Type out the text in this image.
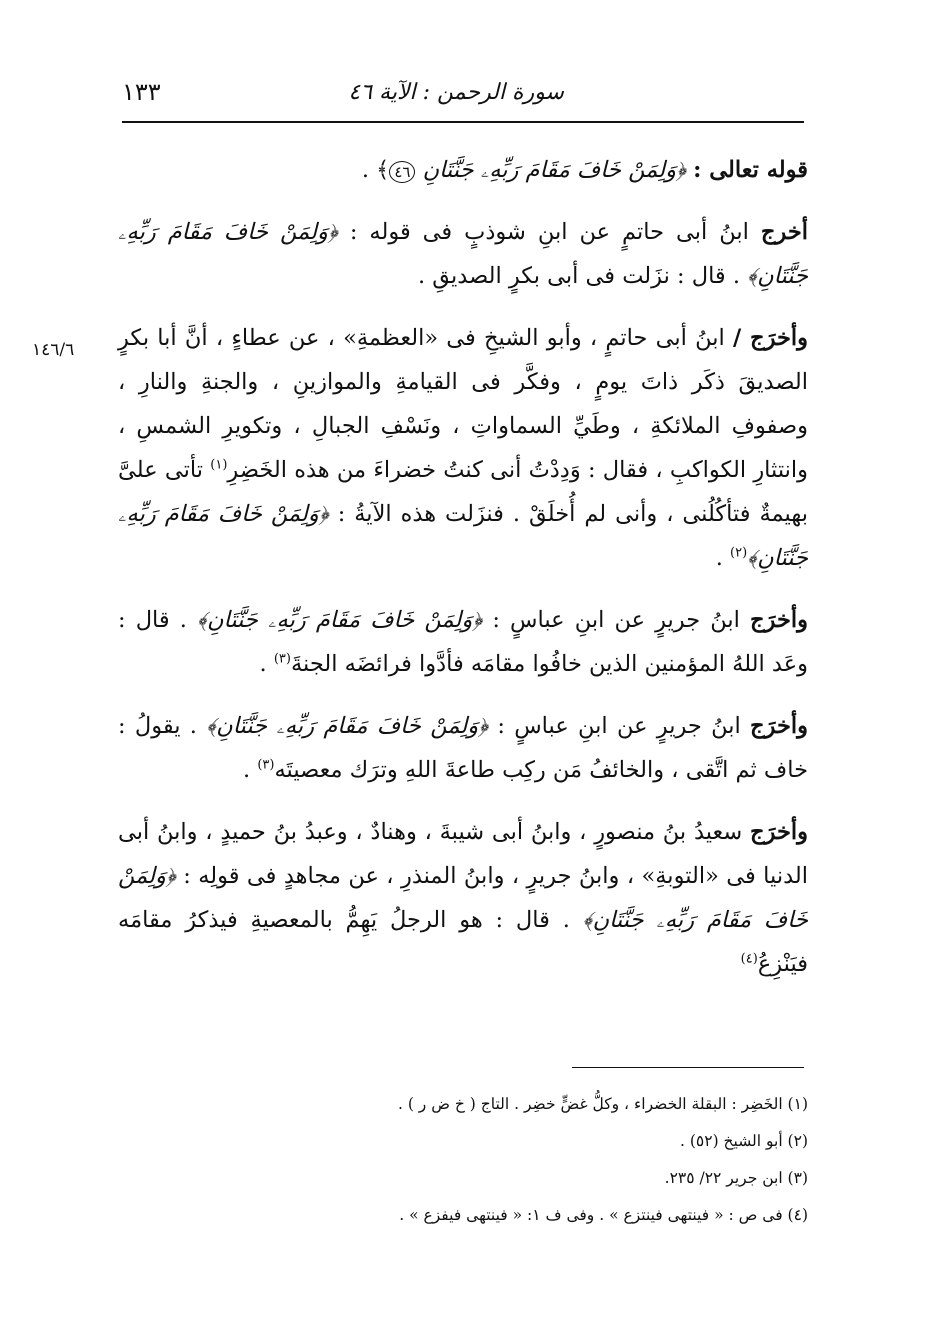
١٣٣	سورة الرحمن : الآية ٤٦
١٤٦/٦

قوله تعالى : ﴿وَلِمَنْ خَافَ مَقَامَ رَبِّهِۦ جَنَّتَانِ ٤٦﴾ .

أخرج ابنُ أبى حاتمٍ عن ابنِ شوذبٍ فى قوله : ﴿وَلِمَنْ خَافَ مَقَامَ رَبِّهِۦ جَنَّتَانِ﴾ . قال : نزَلت فى أبى بكرٍ الصديقِ .

وأخرَج / ابنُ أبى حاتمٍ ، وأبو الشيخِ فى «العظمةِ» ، عن عطاءٍ ، أنَّ أبا بكرٍ الصديقَ ذكَر ذاتَ يومٍ ، وفكَّر فى القيامةِ والموازينِ ، والجنةِ والنارِ ، وصفوفِ الملائكةِ ، وطَيِّ السماواتِ ، ونَسْفِ الجبالِ ، وتكويرِ الشمسِ ، وانتثارِ الكواكبِ ، فقال : وَدِدْتُ أنى كنتُ خضراءَ من هذه الخَضِرِ$^{(١)}$ تأتى علىَّ بهيمةٌ فتأكُلُنى ، وأنى لم أُخلَقْ . فنزَلت هذه الآيةُ : ﴿وَلِمَنْ خَافَ مَقَامَ رَبِّهِۦ جَنَّتَانِ﴾$^{(٢)}$ .

وأخرَج ابنُ جريرٍ عن ابنِ عباسٍ : ﴿وَلِمَنْ خَافَ مَقَامَ رَبِّهِۦ جَنَّتَانِ﴾ . قال : وعَد اللهُ المؤمنين الذين خافُوا مقامَه فأدَّوا فرائضَه الجنةَ$^{(٣)}$ .

وأخرَج ابنُ جريرٍ عن ابنِ عباسٍ : ﴿وَلِمَنْ خَافَ مَقَامَ رَبِّهِۦ جَنَّتَانِ﴾ . يقولُ : خاف ثم اتَّقى ، والخائفُ مَن ركِب طاعةَ اللهِ وترَك معصيتَه$^{(٣)}$ .

وأخرَج سعيدُ بنُ منصورٍ ، وابنُ أبى شيبةَ ، وهنادٌ ، وعبدُ بنُ حميدٍ ، وابنُ أبى الدنيا فى «التوبةِ» ، وابنُ جريرٍ ، وابنُ المنذرِ ، عن مجاهدٍ فى قولِه : ﴿وَلِمَنْ خَافَ مَقَامَ رَبِّهِۦ جَنَّتَانِ﴾ . قال : هو الرجلُ يَهِمُّ بالمعصيةِ فيذكرُ مقامَه فيَنْزِعُ$^{(٤)}$

(١) الخَضِر : البقلة الخضراء ، وكلُّ غضٍّ خضِر . التاج ( خ ض ر ) .

(٢) أبو الشيخ (٥٢) .

(٣) ابن جرير ٢٢/ ٢٣٥.

(٤) فى ص : « فينتهى فينتزع » . وفى ف ١: « فينتهى فيفزع » .
